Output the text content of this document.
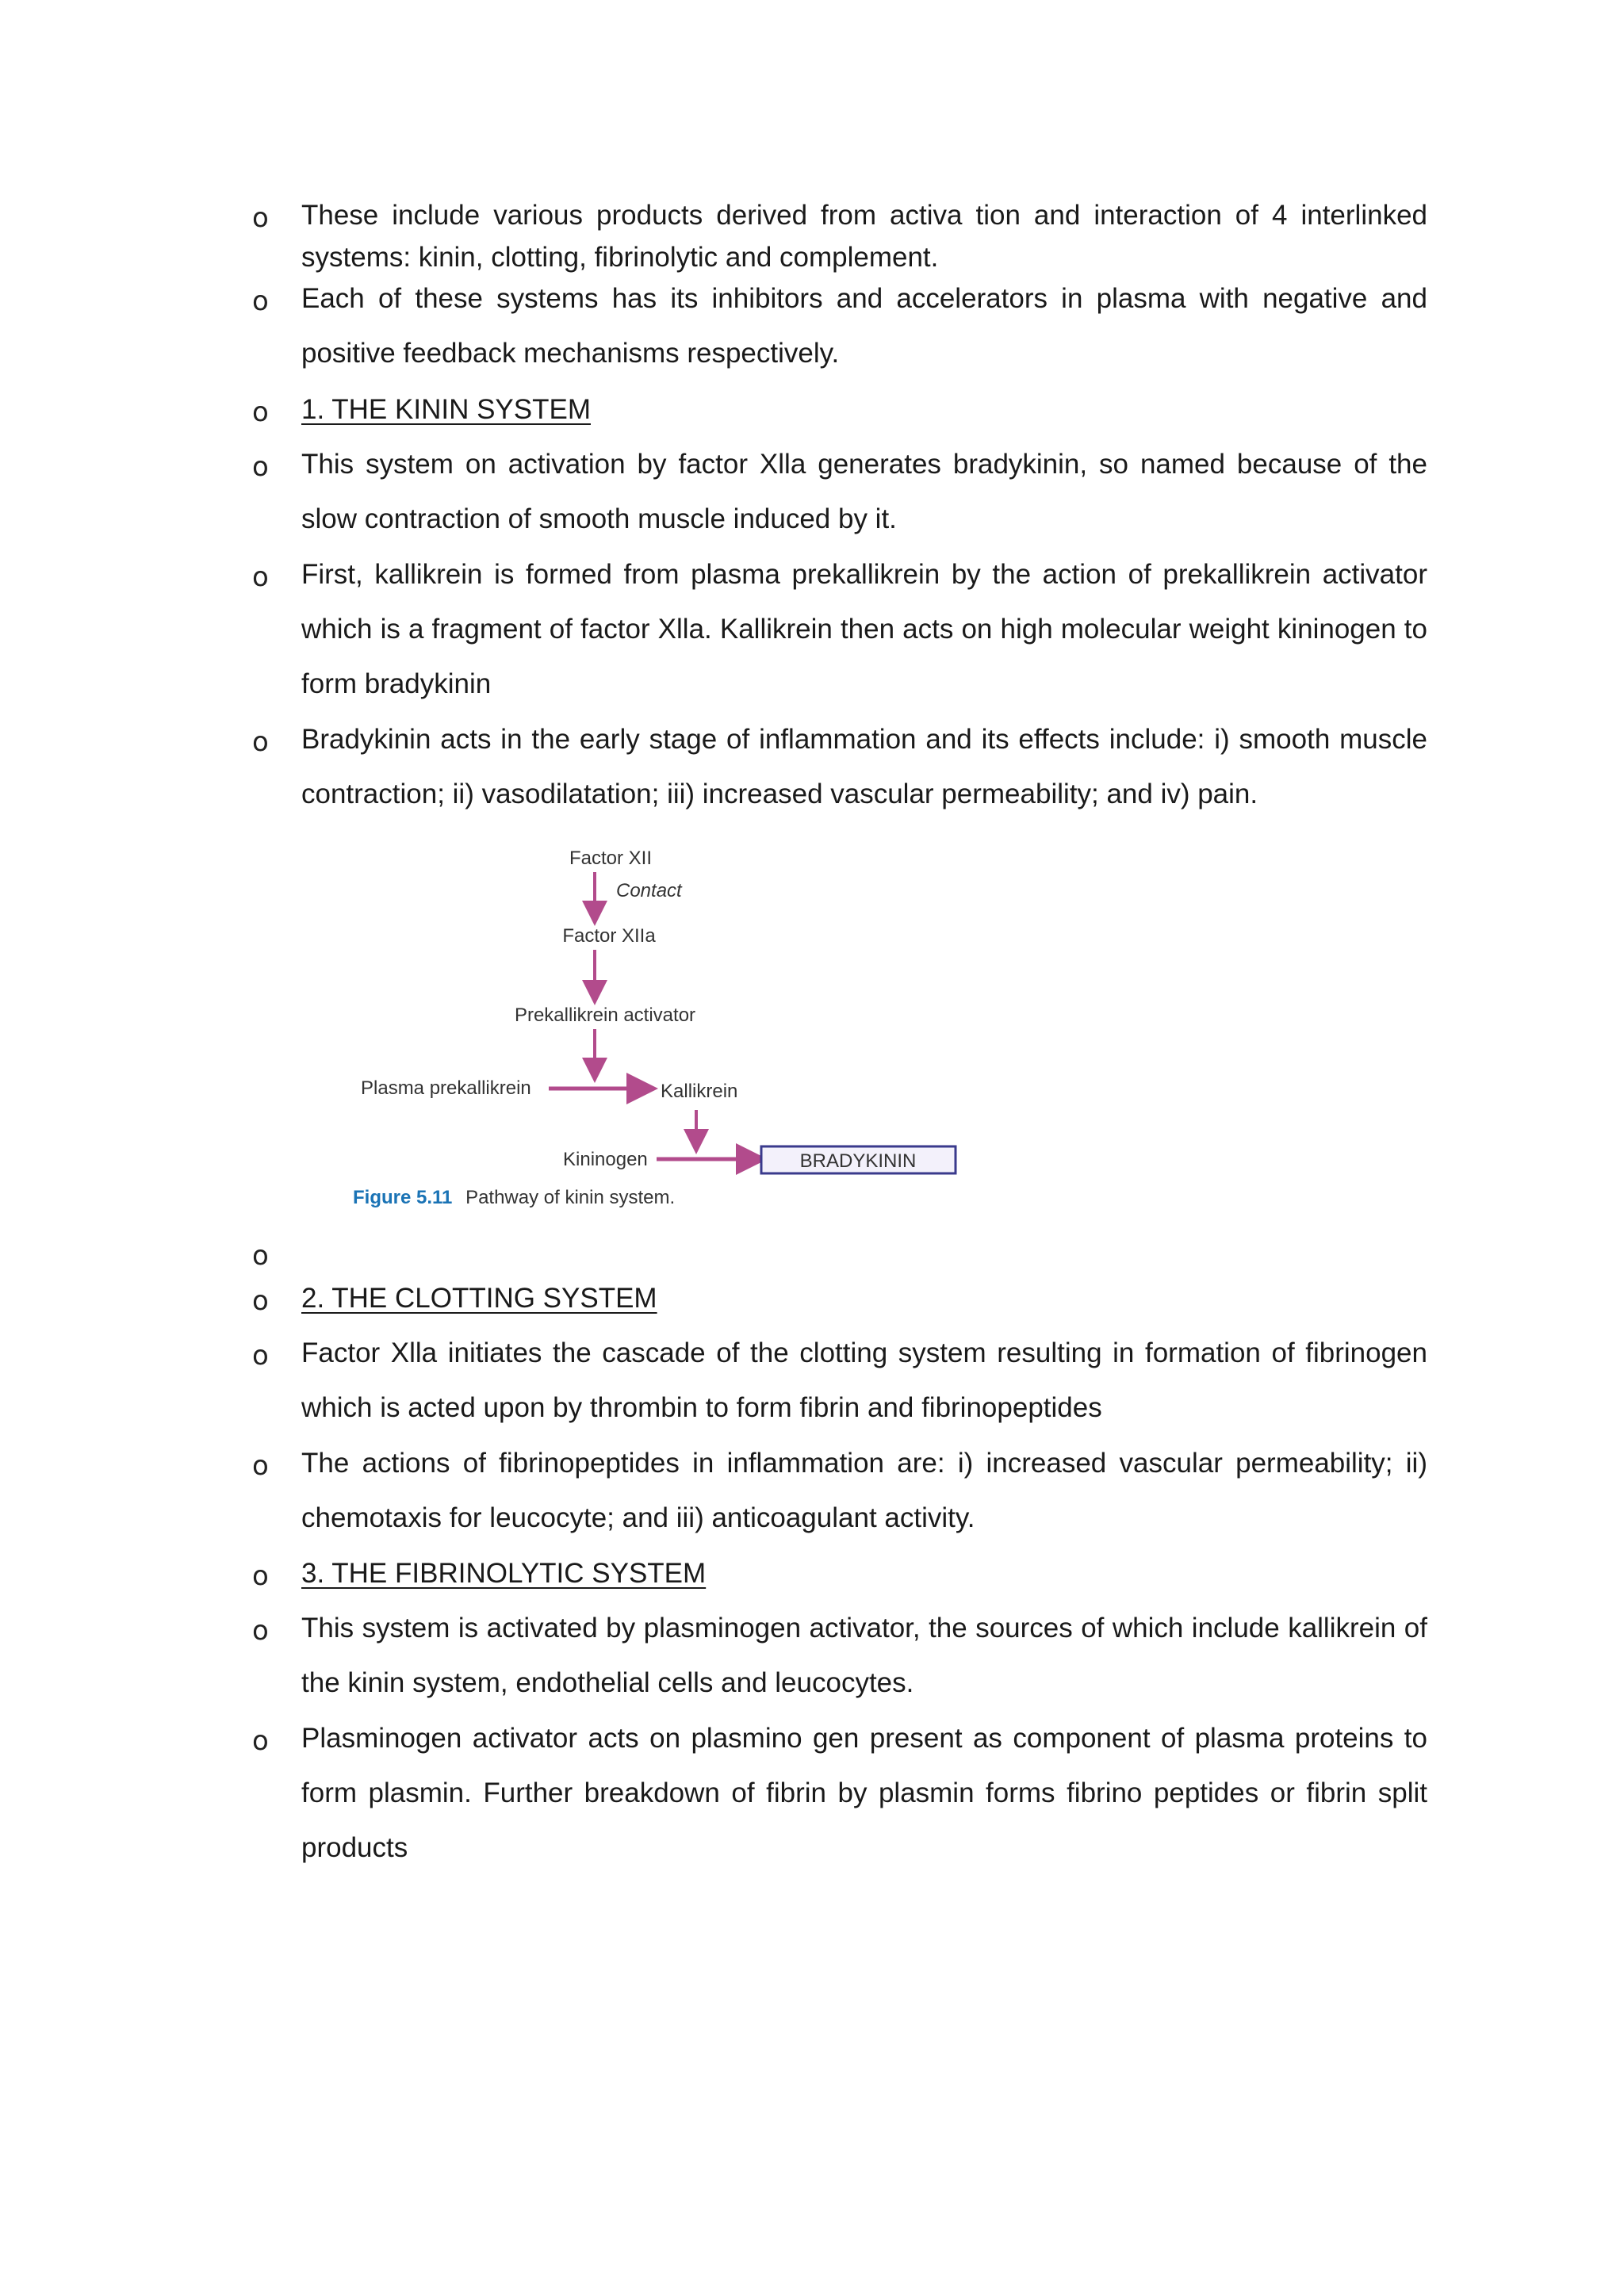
o These include various products derived from activa tion and interaction of 4 interlinked systems: kinin, clotting, fibrinolytic and complement.
o Each of these systems has its inhibitors and accelerators in plasma with negative and positive feedback mechanisms respectively.
o 1. THE KININ SYSTEM
o This system on activation by factor Xlla generates bradykinin, so named because of the slow contraction of smooth muscle induced by it.
o First, kallikrein is formed from plasma prekallikrein by the action of prekallikrein activator which is a fragment of factor Xlla. Kallikrein then acts on high molecular weight kininogen to form bradykinin
o Bradykinin acts in the early stage of inflammation and its effects include: i) smooth muscle contraction; ii) vasodilatation; iii) increased vascular permeability; and iv) pain.
Factor XII
Contact
Factor XIIa
Prekallikrein activator
Plasma prekallikrein	Kallikrein
Kininogen	BRADYKININ
Figure 5.11 Pathway of kinin system.
o
o 2. THE CLOTTING SYSTEM
o Factor Xlla initiates the cascade of the clotting system resulting in formation of fibrinogen which is acted upon by thrombin to form fibrin and fibrinopeptides
o The actions of fibrinopeptides in inflammation are: i) increased vascular permeability; ii) chemotaxis for leucocyte; and iii) anticoagulant activity.
o 3. THE FIBRINOLYTIC SYSTEM
o This system is activated by plasminogen activator, the sources of which include kallikrein of the kinin system, endothelial cells and leucocytes.
o Plasminogen activator acts on plasmino gen present as component of plasma proteins to form plasmin. Further breakdown of fibrin by plasmin forms fibrino peptides or fibrin split products
